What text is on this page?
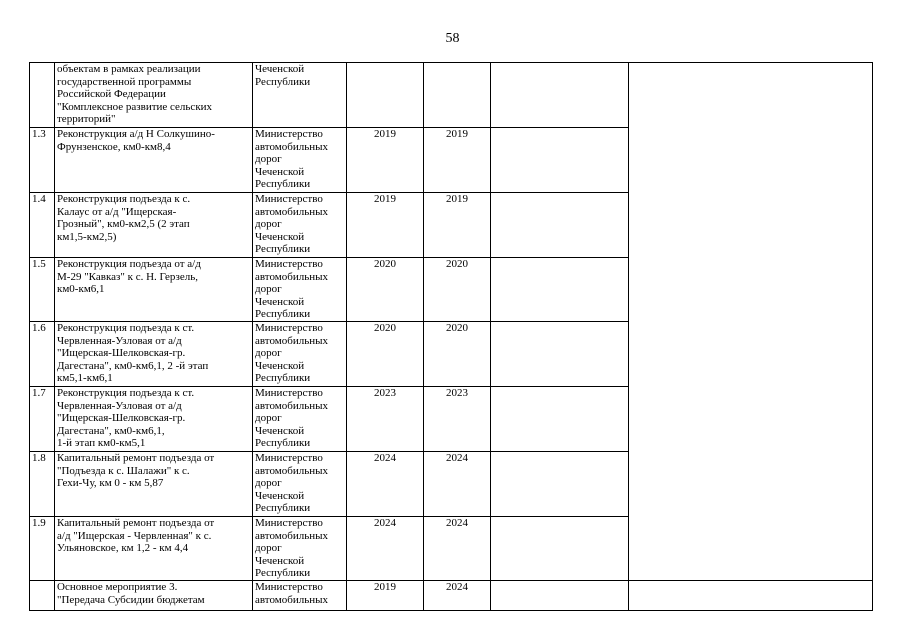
58
	объектам в рамках реализации
государственной программы
Российской Федерации
"Комплексное развитие сельских
территорий"	Чеченской
Республики				
1.3	Реконструкция а/д Н Солкушино-
Фрунзенское, км0-км8,4	Министерство
автомобильных
дорог
Чеченской
Республики	2019	2019		
1.4	Реконструкция подъезда к с.
Калаус от а/д "Ищерская-
Грозный", км0-км2,5 (2 этап
км1,5-км2,5)	Министерство
автомобильных
дорог
Чеченской
Республики	2019	2019		
1.5	Реконструкция подъезда от а/д
М-29 "Кавказ" к с. Н. Герзель,
км0-км6,1	Министерство
автомобильных
дорог
Чеченской
Республики	2020	2020		
1.6	Реконструкция подъезда к ст.
Червленная-Узловая от а/д
"Ищерская-Шелковская-гр.
Дагестана", км0-км6,1, 2 -й этап
км5,1-км6,1	Министерство
автомобильных
дорог
Чеченской
Республики	2020	2020		
1.7	Реконструкция подъезда к ст.
Червленная-Узловая от а/д
"Ищерская-Шелковская-гр.
Дагестана", км0-км6,1,
1-й этап км0-км5,1	Министерство
автомобильных
дорог
Чеченской
Республики	2023	2023		
1.8	Капитальный ремонт подъезда от
"Подъезда к с. Шалажи" к с.
Гехи-Чу, км 0 - км 5,87	Министерство
автомобильных
дорог
Чеченской
Республики	2024	2024		
1.9	Капитальный ремонт подъезда от
а/д "Ищерская - Червленная" к с.
Ульяновское, км 1,2 - км 4,4	Министерство
автомобильных
дорог
Чеченской
Республики	2024	2024		
	Основное мероприятие 3.
"Передача Субсидии бюджетам	Министерство
автомобильных	2019	2024		
